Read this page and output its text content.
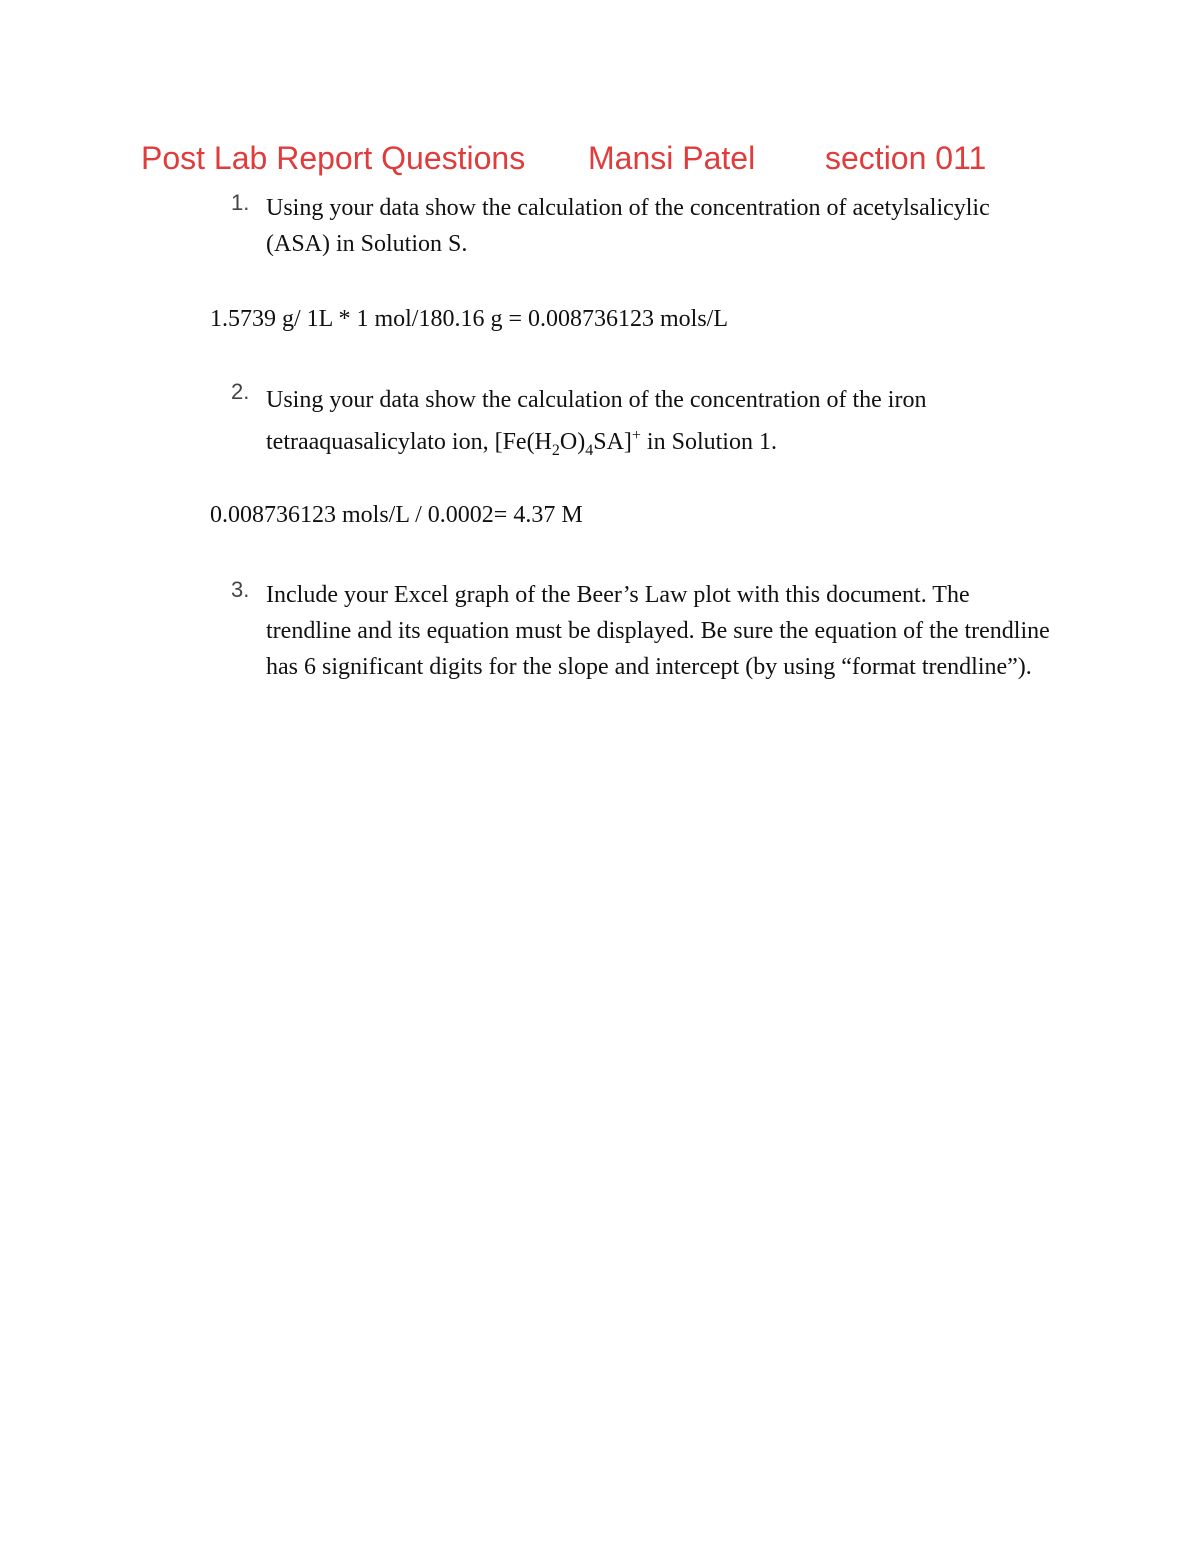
Post Lab Report Questions Mansi Patel section 011
1. Using your data show the calculation of the concentration of acetylsalicylic (ASA) in Solution S.
1.5739 g/ 1L * 1 mol/180.16 g = 0.008736123 mols/L
2. Using your data show the calculation of the concentration of the iron tetraaquasalicylato ion, $[Fe(H_2O)_4SA]^+$ in Solution 1.
0.008736123 mols/L / 0.0002= 4.37 M
3. Include your Excel graph of the Beer’s Law plot with this document. The trendline and its equation must be displayed. Be sure the equation of the trendline has 6 significant digits for the slope and intercept (by using “format trendline”).
